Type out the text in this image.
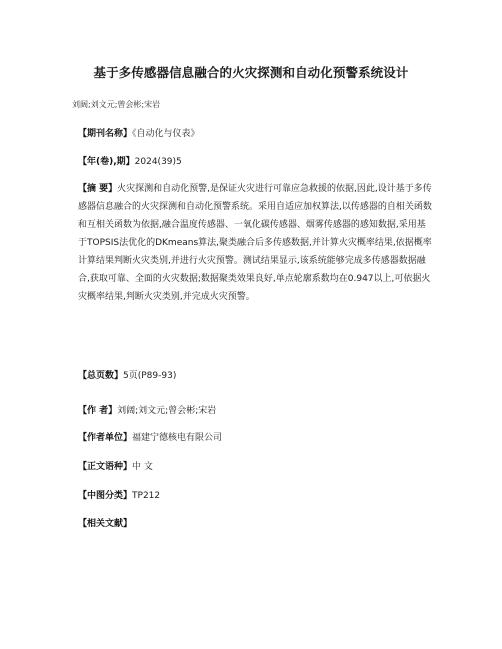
基于多传感器信息融合的火灾探测和自动化预警系统设计
刘阔;刘文元;曾会彬;宋岩
【期刊名称】《自动化与仪表》
【年(卷),期】2024(39)5
【摘 要】火灾探测和自动化预警,是保证火灾进行可靠应急救援的依据,因此,设计基于多传感器信息融合的火灾探测和自动化预警系统。采用自适应加权算法,以传感器的自相关函数和互相关函数为依据,融合温度传感器、一氧化碳传感器、烟雾传感器的感知数据,采用基于TOPSIS法优化的DKmeans算法,聚类融合后多传感数据,并计算火灾概率结果,依据概率计算结果判断火灾类别,并进行火灾预警。测试结果显示,该系统能够完成多传感器数据融合,获取可靠、全面的火灾数据;数据聚类效果良好,单点轮廓系数均在0.947以上,可依据火灾概率结果,判断火灾类别,并完成火灾预警。
【总页数】5页(P89-93)
【作 者】刘阔;刘文元;曾会彬;宋岩
【作者单位】福建宁德核电有限公司
【正文语种】中 文
【中图分类】TP212
【相关文献】
